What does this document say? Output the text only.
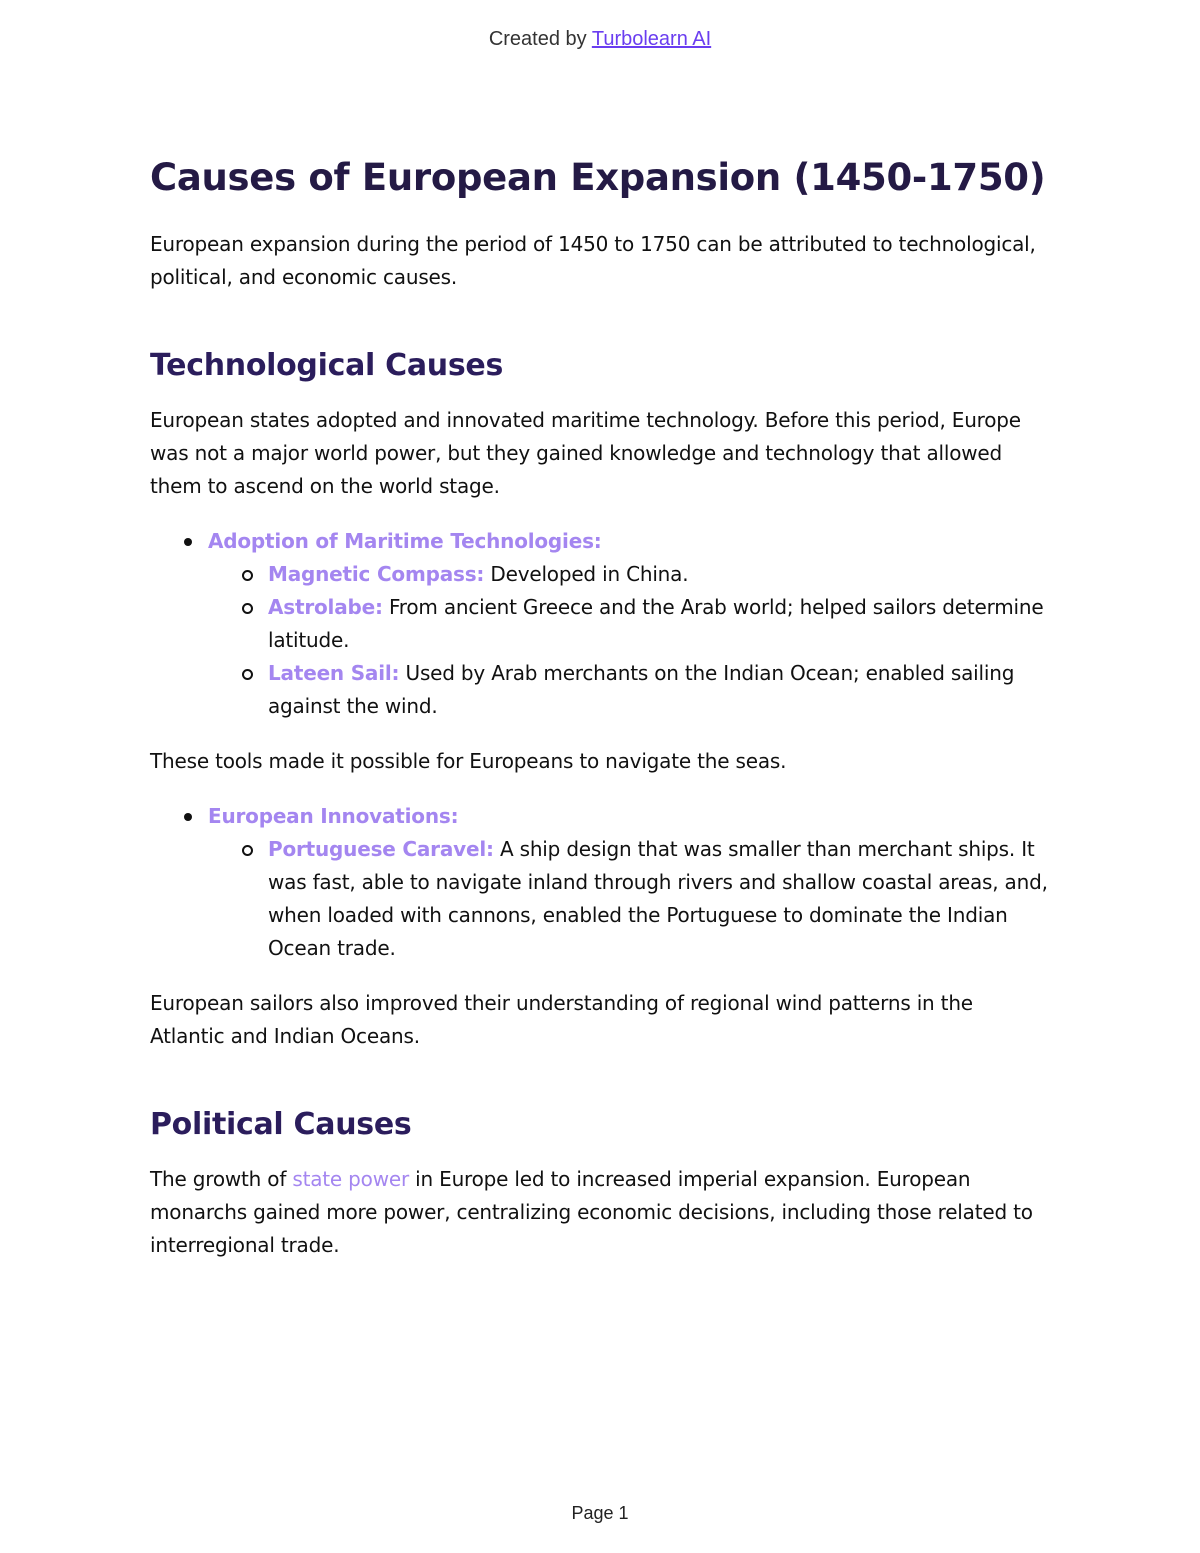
Created by Turbolearn AI
Causes of European Expansion (1450-1750)

European expansion during the period of 1450 to 1750 can be attributed to technological, political, and economic causes.

Technological Causes

European states adopted and innovated maritime technology. Before this period, Europe was not a major world power, but they gained knowledge and technology that allowed them to ascend on the world stage.

Adoption of Maritime Technologies:
Magnetic Compass: Developed in China.
Astrolabe: From ancient Greece and the Arab world; helped sailors determine latitude.
Lateen Sail: Used by Arab merchants on the Indian Ocean; enabled sailing against the wind.

These tools made it possible for Europeans to navigate the seas.

European Innovations:
Portuguese Caravel: A ship design that was smaller than merchant ships. It was fast, able to navigate inland through rivers and shallow coastal areas, and, when loaded with cannons, enabled the Portuguese to dominate the Indian Ocean trade.

European sailors also improved their understanding of regional wind patterns in the Atlantic and Indian Oceans.

Political Causes

The growth of state power in Europe led to increased imperial expansion. European monarchs gained more power, centralizing economic decisions, including those related to interregional trade.

Page 1
